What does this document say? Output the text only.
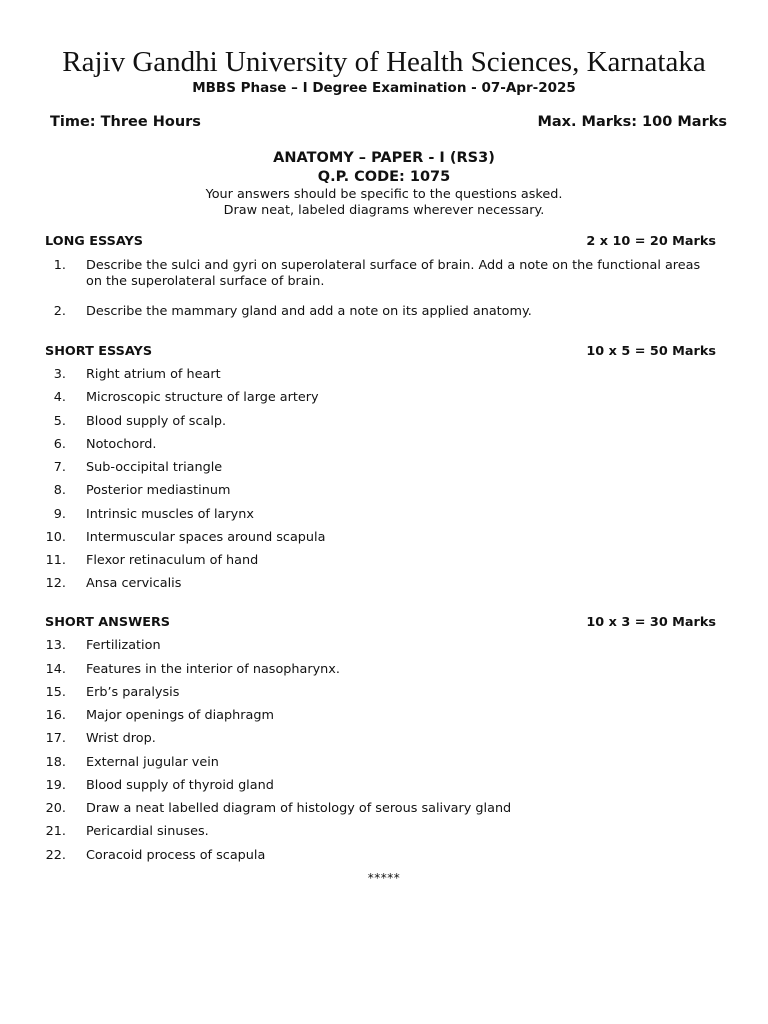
Rajiv Gandhi University of Health Sciences, Karnataka
MBBS Phase – I Degree Examination - 07-Apr-2025
Time: Three Hours	Max. Marks: 100 Marks
ANATOMY – PAPER - I (RS3)
Q.P. CODE: 1075
Your answers should be specific to the questions asked.
Draw neat, labeled diagrams wherever necessary.
LONG ESSAYS	2 x 10 = 20 Marks
1. Describe the sulci and gyri on superolateral surface of brain. Add a note on the functional areas on the superolateral surface of brain.
2. Describe the mammary gland and add a note on its applied anatomy.
SHORT ESSAYS	10 x 5 = 50 Marks
3. Right atrium of heart
4. Microscopic structure of large artery
5. Blood supply of scalp.
6. Notochord.
7. Sub-occipital triangle
8. Posterior mediastinum
9. Intrinsic muscles of larynx
10. Intermuscular spaces around scapula
11. Flexor retinaculum of hand
12. Ansa cervicalis
SHORT ANSWERS	10 x 3 = 30 Marks
13. Fertilization
14. Features in the interior of nasopharynx.
15. Erb’s paralysis
16. Major openings of diaphragm
17. Wrist drop.
18. External jugular vein
19. Blood supply of thyroid gland
20. Draw a neat labelled diagram of histology of serous salivary gland
21. Pericardial sinuses.
22. Coracoid process of scapula
*****
